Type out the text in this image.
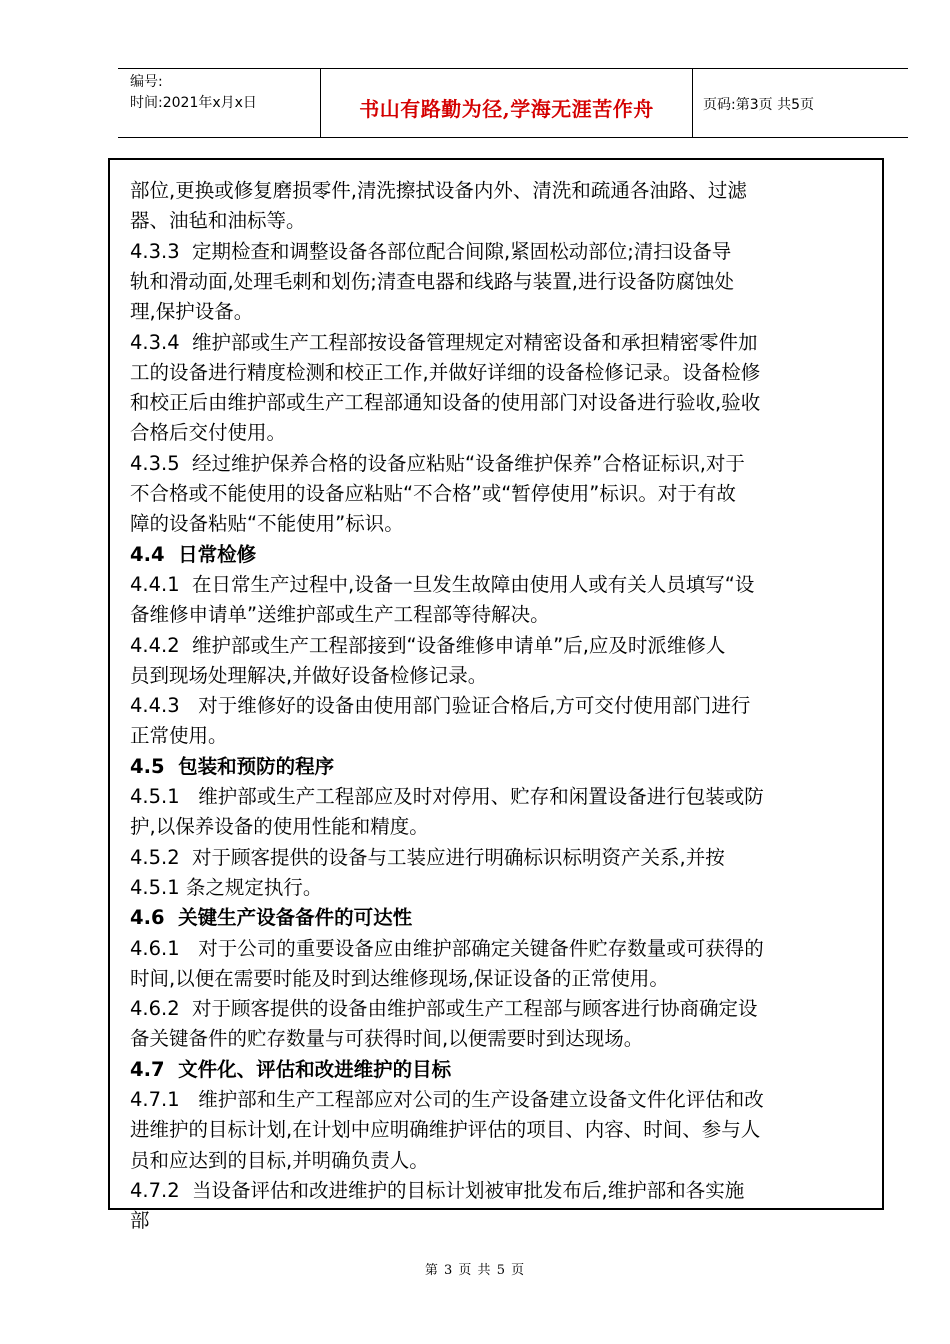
编号:
时间:2021年x月x日	书山有路勤为径,学海无涯苦作舟	页码:第3页 共5页
部位,更换或修复磨损零件,清洗擦拭设备内外、清洗和疏通各油路、过滤
器、油毡和油标等。
4.3.3  定期检查和调整设备各部位配合间隙,紧固松动部位;清扫设备导
轨和滑动面,处理毛刺和划伤;清查电器和线路与装置,进行设备防腐蚀处
理,保护设备。
4.3.4  维护部或生产工程部按设备管理规定对精密设备和承担精密零件加
工的设备进行精度检测和校正工作,并做好详细的设备检修记录。设备检修
和校正后由维护部或生产工程部通知设备的使用部门对设备进行验收,验收
合格后交付使用。
4.3.5  经过维护保养合格的设备应粘贴“设备维护保养”合格证标识,对于
不合格或不能使用的设备应粘贴“不合格”或“暂停使用”标识。对于有故
障的设备粘贴“不能使用”标识。
4.4  日常检修
4.4.1  在日常生产过程中,设备一旦发生故障由使用人或有关人员填写“设
备维修申请单”送维护部或生产工程部等待解决。
4.4.2  维护部或生产工程部接到“设备维修申请单”后,应及时派维修人
员到现场处理解决,并做好设备检修记录。
4.4.3   对于维修好的设备由使用部门验证合格后,方可交付使用部门进行
正常使用。
4.5  包装和预防的程序
4.5.1   维护部或生产工程部应及时对停用、贮存和闲置设备进行包装或防
护,以保养设备的使用性能和精度。
4.5.2  对于顾客提供的设备与工装应进行明确标识标明资产关系,并按
4.5.1 条之规定执行。
4.6  关键生产设备备件的可达性
4.6.1   对于公司的重要设备应由维护部确定关键备件贮存数量或可获得的
时间,以便在需要时能及时到达维修现场,保证设备的正常使用。
4.6.2  对于顾客提供的设备由维护部或生产工程部与顾客进行协商确定设
备关键备件的贮存数量与可获得时间,以便需要时到达现场。
4.7  文件化、评估和改进维护的目标
4.7.1   维护部和生产工程部应对公司的生产设备建立设备文件化评估和改
进维护的目标计划,在计划中应明确维护评估的项目、内容、时间、参与人
员和应达到的目标,并明确负责人。
4.7.2  当设备评估和改进维护的目标计划被审批发布后,维护部和各实施
部
第 3 页 共 5 页
